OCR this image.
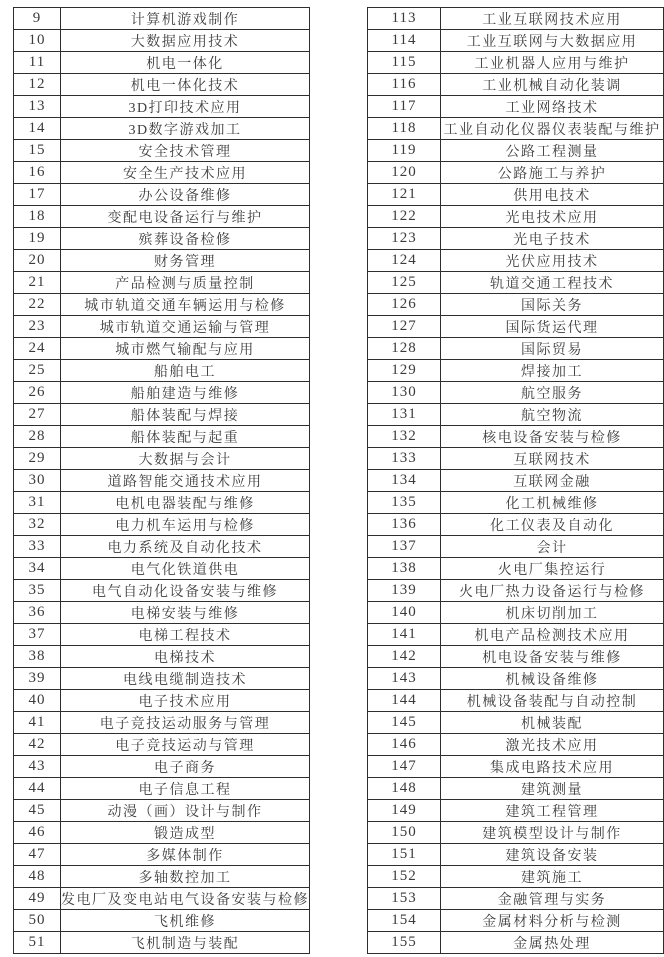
9	计算机游戏制作
10	大数据应用技术
11	机电一体化
12	机电一体化技术
13	3D打印技术应用
14	3D数字游戏加工
15	安全技术管理
16	安全生产技术应用
17	办公设备维修
18	变配电设备运行与维护
19	殡葬设备检修
20	财务管理
21	产品检测与质量控制
22	城市轨道交通车辆运用与检修
23	城市轨道交通运输与管理
24	城市燃气输配与应用
25	船舶电工
26	船舶建造与维修
27	船体装配与焊接
28	船体装配与起重
29	大数据与会计
30	道路智能交通技术应用
31	电机电器装配与维修
32	电力机车运用与检修
33	电力系统及自动化技术
34	电气化铁道供电
35	电气自动化设备安装与维修
36	电梯安装与维修
37	电梯工程技术
38	电梯技术
39	电线电缆制造技术
40	电子技术应用
41	电子竞技运动服务与管理
42	电子竞技运动与管理
43	电子商务
44	电子信息工程
45	动漫（画）设计与制作
46	锻造成型
47	多媒体制作
48	多轴数控加工
49	发电厂及变电站电气设备安装与检修
50	飞机维修
51	飞机制造与装配
113	工业互联网技术应用
114	工业互联网与大数据应用
115	工业机器人应用与维护
116	工业机械自动化装调
117	工业网络技术
118	工业自动化仪器仪表装配与维护
119	公路工程测量
120	公路施工与养护
121	供用电技术
122	光电技术应用
123	光电子技术
124	光伏应用技术
125	轨道交通工程技术
126	国际关务
127	国际货运代理
128	国际贸易
129	焊接加工
130	航空服务
131	航空物流
132	核电设备安装与检修
133	互联网技术
134	互联网金融
135	化工机械维修
136	化工仪表及自动化
137	会计
138	火电厂集控运行
139	火电厂热力设备运行与检修
140	机床切削加工
141	机电产品检测技术应用
142	机电设备安装与维修
143	机械设备维修
144	机械设备装配与自动控制
145	机械装配
146	激光技术应用
147	集成电路技术应用
148	建筑测量
149	建筑工程管理
150	建筑模型设计与制作
151	建筑设备安装
152	建筑施工
153	金融管理与实务
154	金属材料分析与检测
155	金属热处理
